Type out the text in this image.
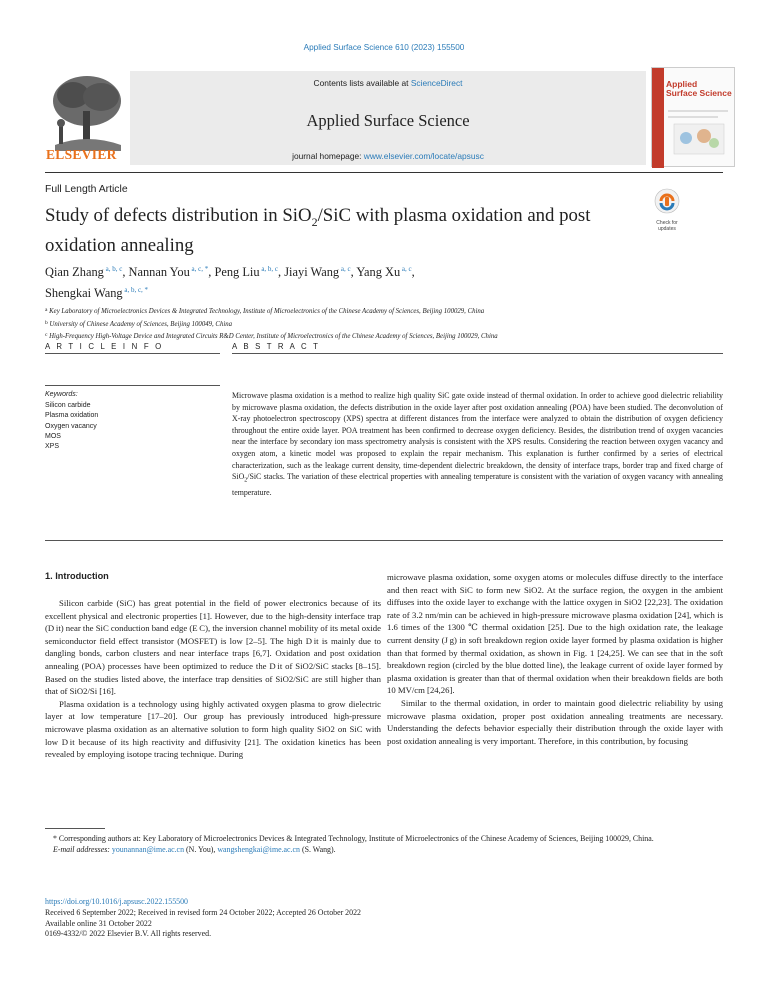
Applied Surface Science 610 (2023) 155500
ELSEVIER
Contents lists available at ScienceDirect
Applied Surface Science
journal homepage: www.elsevier.com/locate/apsusc
Applied
Surface Science
Full Length Article
Study of defects distribution in SiO$_2$/SiC with plasma oxidation and post oxidation annealing
Check for updates
Qian Zhang $^{a, b, c}$, Nannan You $^{a, c, *}$, Peng Liu $^{a, b, c}$, Jiayi Wang $^{a, c}$, Yang Xu $^{a, c}$,
Shengkai Wang $^{a, b, c, *}$
$^a$ Key Laboratory of Microelectronics Devices & Integrated Technology, Institute of Microelectronics of the Chinese Academy of Sciences, Beijing 100029, China
$^b$ University of Chinese Academy of Sciences, Beijing 100049, China
$^c$ High-Frequency High-Voltage Device and Integrated Circuits R&D Center, Institute of Microelectronics of the Chinese Academy of Sciences, Beijing 100029, China
A R T I C L E I N F O	A B S T R A C T
Keywords:
Silicon carbide
Plasma oxidation
Oxygen vacancy
MOS
XPS
Microwave plasma oxidation is a method to realize high quality SiC gate oxide instead of thermal oxidation. In order to achieve good dielectric reliability by microwave plasma oxidation, the defects distribution in the oxide layer after post oxidation annealing (POA) have been studied. The deconvolution of X-ray photoelectron spectroscopy (XPS) spectra at different distances from the interface were analyzed to obtain the distribution of oxygen deficiency throughout the entire oxide layer. POA treatment has been confirmed to decrease oxygen deficiency. Besides, the distribution trend of oxygen vacancies near the interface by secondary ion mass spectrometry analysis is consistent with the XPS results. Considering the reaction between oxygen vacancy and oxygen atom, a kinetic model was proposed to explain the repair mechanism. This explanation is further confirmed by a series of electrical characterization, such as the leakage current density, time-dependent dielectric breakdown, the density of interface traps, border trap and fixed charge of SiO$_2$/SiC stacks. The variation of these electrical properties with annealing temperature is consistent with the variation of oxygen vacancy with annealing temperature.
1. Introduction

Silicon carbide (SiC) has great potential in the field of power electronics because of its excellent physical and electronic properties [1]. However, due to the high-density interface trap (D it) near the SiC conduction band edge (E C), the inversion channel mobility of its metal oxide semiconductor field effect transistor (MOSFET) is low [2–5]. The high D it is mainly due to dangling bonds, carbon clusters and near interface traps [6,7]. Oxidation and post oxidation annealing (POA) processes have been optimized to reduce the D it of SiO2/SiC stacks [8–15]. Based on the studies listed above, the interface trap densities of SiO2/SiC are still higher than that of SiO2/Si [16].

Plasma oxidation is a technology using highly activated oxygen plasma to grow dielectric layer at low temperature [17–20]. Our group has previously introduced high-pressure microwave plasma oxidation as an alternative solution to form high quality SiO2 on SiC with low D it because of its high reactivity and diffusivity [21]. The oxidation kinetics has been revealed by employing isotope tracing technique. During

microwave plasma oxidation, some oxygen atoms or molecules diffuse directly to the interface and then react with SiC to form new SiO2. At the surface region, the oxygen in the ambient diffuses into the oxide layer to exchange with the lattice oxygen in SiO2 [22,23]. The oxidation rate of 3.2 nm/min can be achieved in high-pressure microwave plasma oxidation [24], which is 1.6 times of the 1300 ℃ thermal oxidation [25]. Due to the high oxidation rate, the leakage current density (J g) in soft breakdown region oxide layer formed by plasma oxidation is higher than that formed by thermal oxidation, as shown in Fig. 1 [24,25]. We can see that in the soft breakdown region (circled by the blue dotted line), the leakage current of oxide layer formed by plasma oxidation is greater than that of thermal oxidation when their breakdown fields are both 10 MV/cm [24,26].

Similar to the thermal oxidation, in order to maintain good dielectric reliability by using microwave plasma oxidation, proper post oxidation annealing treatments are necessary. Understanding the defects behavior especially their distribution through the oxide layer with post oxidation annealing is very important. Therefore, in this contribution, by focusing

* Corresponding authors at: Key Laboratory of Microelectronics Devices & Integrated Technology, Institute of Microelectronics of the Chinese Academy of Sciences, Beijing 100029, China.
E-mail addresses: younannan@ime.ac.cn (N. You), wangshengkai@ime.ac.cn (S. Wang).
https://doi.org/10.1016/j.apsusc.2022.155500
Received 6 September 2022; Received in revised form 24 October 2022; Accepted 26 October 2022
Available online 31 October 2022
0169-4332/© 2022 Elsevier B.V. All rights reserved.
